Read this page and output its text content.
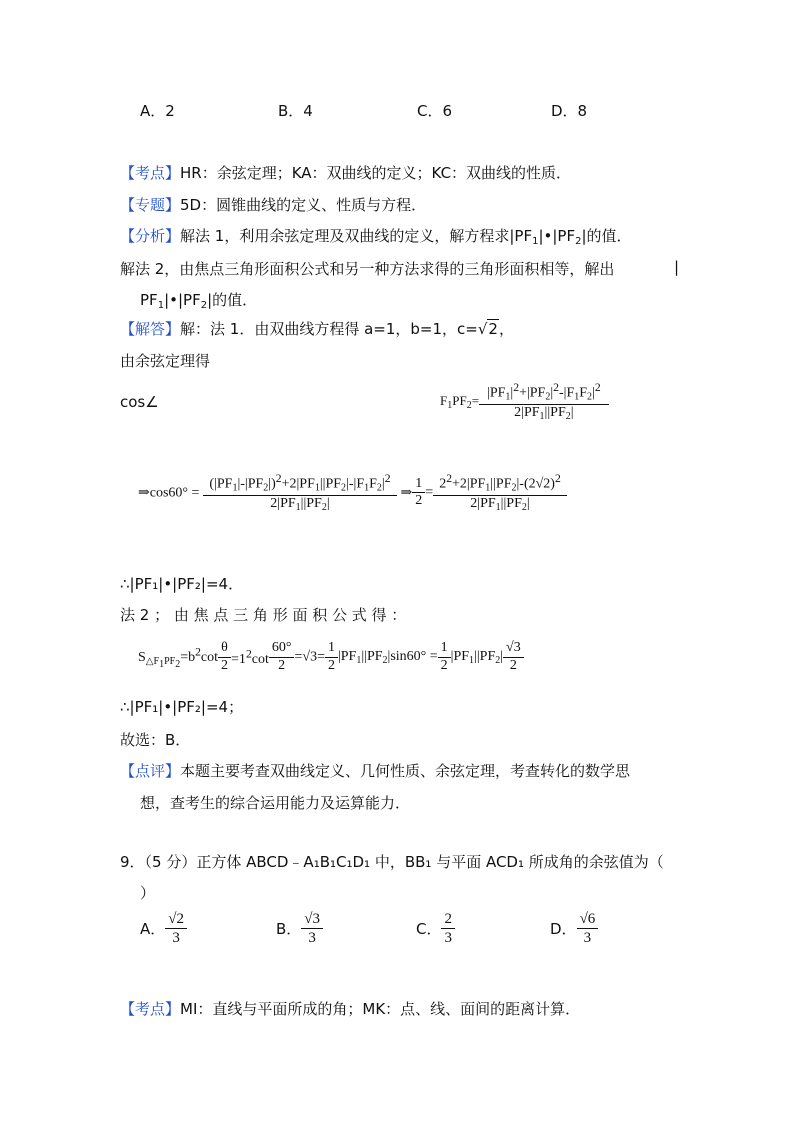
A．2	B．4	C．6	D．8
【考点】HR：余弦定理；KA：双曲线的定义；KC：双曲线的性质．
【专题】5D：圆锥曲线的定义、性质与方程．
【分析】解法 1，利用余弦定理及双曲线的定义，解方程求$|PF_1|•|PF_2|$的值．
解法 2，由焦点三角形面积公式和另一种方法求得的三角形面积相等，解出	|
$PF_1|•|PF_2|$的值．
【解答】解：法 1．由双曲线方程得 a=1，b=1，c=√2，
由余弦定理得
cos∠	$F_1PF_2= \frac{|PF_1|^2+|PF_2|^2-|F_1F_2|^2}{2|PF_1||PF_2|}$
⇒cos60° = $\frac{(|PF_1|-|PF_2|)^2+2|PF_1||PF_2|-|F_1F_2|^2}{2|PF_1||PF_2|}$ ⇒ $\frac{1}{2} = \frac{2^2+2|PF_1||PF_2|-(2√2)^2}{2|PF_1||PF_2|}$
∴|PF₁|•|PF₂|=4．
法 2 ； 由 焦 点 三 角 形 面 积 公 式 得 ：
$S_{\triangle F_1PF_2}=b^2\cot \frac{\theta}{2} =1^2\cot \frac{60^\circ}{2} =√3= \frac{1}{2} |PF_1||PF_2|\sin 60^\circ = \frac{1}{2} |PF_1||PF_2| \frac{√3}{2}$
∴|PF₁|•|PF₂|=4；
故选：B．
【点评】本题主要考查双曲线定义、几何性质、余弦定理，考查转化的数学思
想，查考生的综合运用能力及运算能力．
9．（5 分）正方体 ABCD﹣A₁B₁C₁D₁ 中，BB₁ 与平面 ACD₁ 所成角的余弦值为（
）
A． $\frac{√2}{3}$	B． $\frac{√3}{3}$	C． $\frac{2}{3}$	D． $\frac{√6}{3}$
【考点】MI：直线与平面所成的角；MK：点、线、面间的距离计算．
